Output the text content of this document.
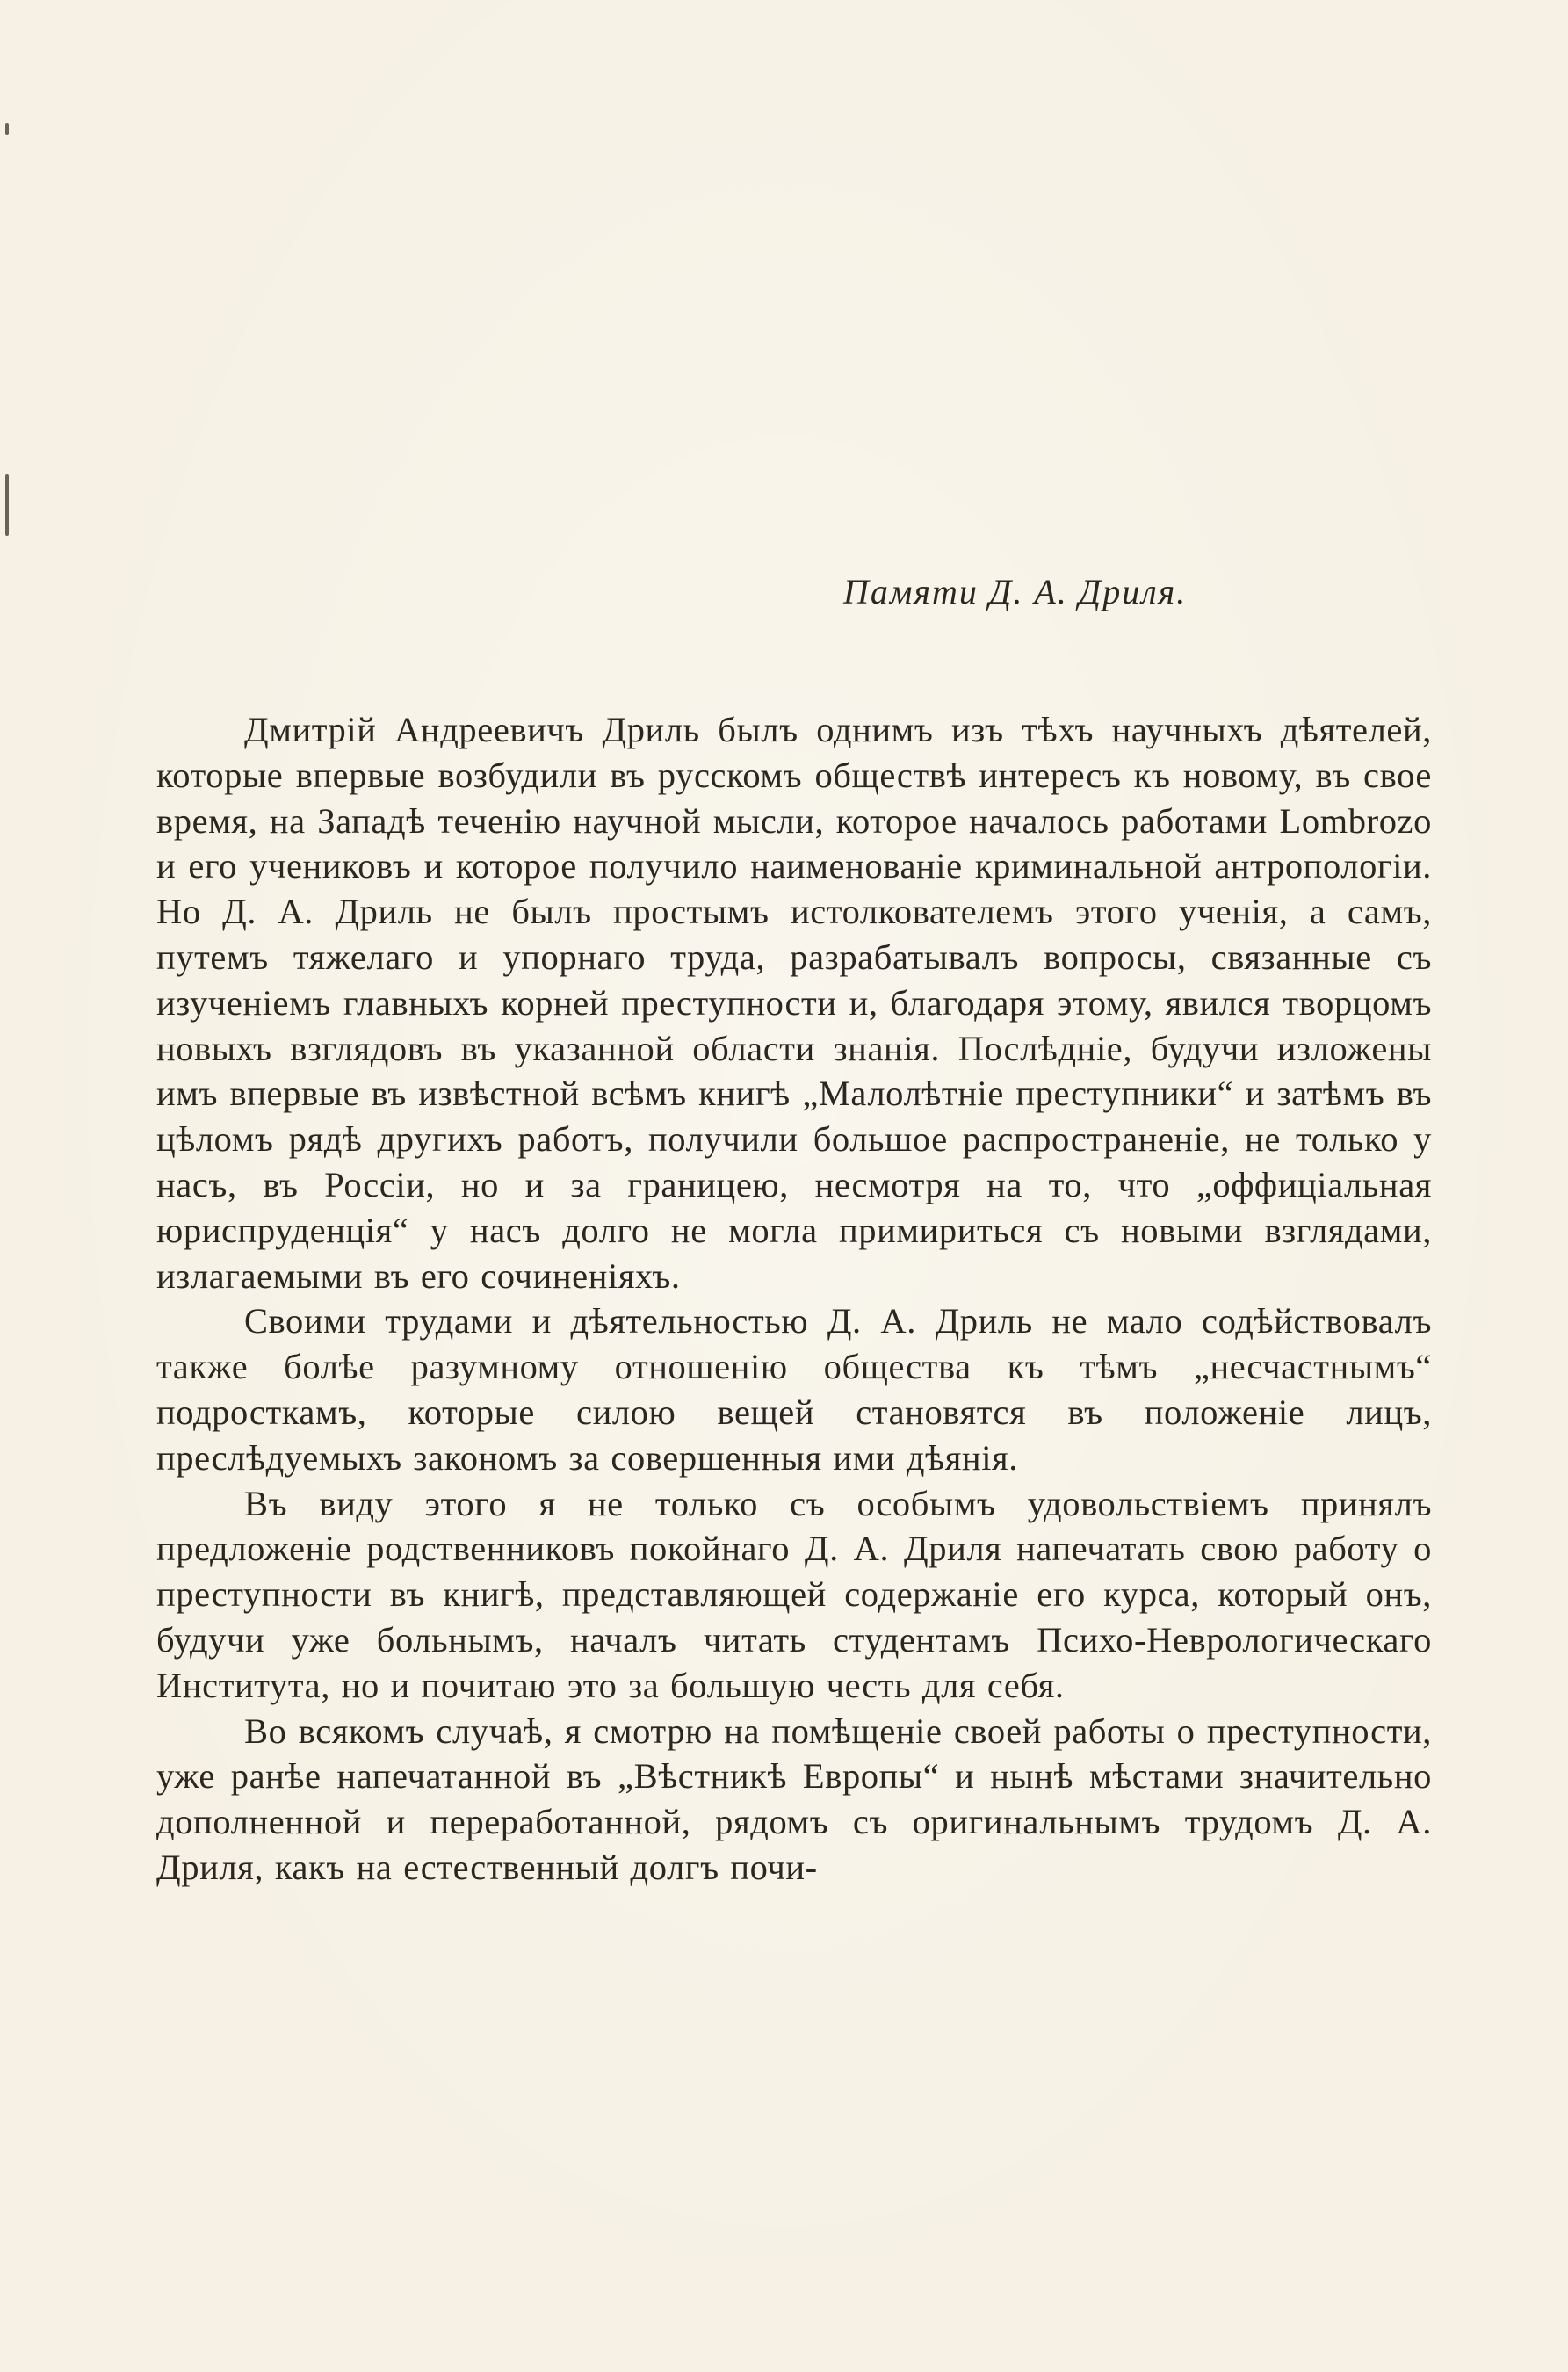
Памяти Д. А. Дриля.

Дмитрій Андреевичъ Дриль былъ однимъ изъ тѣхъ научныхъ дѣятелей, которые впервые возбудили въ русскомъ обществѣ интересъ къ новому, въ свое время, на Западѣ теченію научной мысли, которое началось работами Lombrozo и его учениковъ и которое получило наименованіе криминальной антропологіи. Но Д. А. Дриль не былъ простымъ истолкователемъ этого ученія, а самъ, путемъ тяжелаго и упорнаго труда, разрабатывалъ вопросы, связанные съ изученіемъ главныхъ корней преступности и, благодаря этому, явился творцомъ новыхъ взглядовъ въ указанной области знанія. Послѣдніе, будучи изложены имъ впервые въ извѣстной всѣмъ книгѣ „Малолѣтніе преступники“ и затѣмъ въ цѣломъ рядѣ другихъ работъ, получили большое распространеніе, не только у насъ, въ Россіи, но и за границею, несмотря на то, что „оффиціальная юриспруденція“ у насъ долго не могла примириться съ новыми взглядами, излагаемыми въ его сочиненіяхъ.

Своими трудами и дѣятельностью Д. А. Дриль не мало содѣйствовалъ также болѣе разумному отношенію общества къ тѣмъ „несчастнымъ“ подросткамъ, которые силою вещей становятся въ положеніе лицъ, преслѣдуемыхъ закономъ за совершенныя ими дѣянія.

Въ виду этого я не только съ особымъ удовольствіемъ принялъ предложеніе родственниковъ покойнаго Д. А. Дриля напечатать свою работу о преступности въ книгѣ, представляющей содержаніе его курса, который онъ, будучи уже больнымъ, началъ читать студентамъ Психо-Неврологическаго Института, но и почитаю это за большую честь для себя.

Во всякомъ случаѣ, я смотрю на помѣщеніе своей работы о преступности, уже ранѣе напечатанной въ „Вѣстникѣ Европы“ и нынѣ мѣстами значительно дополненной и переработанной, рядомъ съ оригинальнымъ трудомъ Д. А. Дриля, какъ на естественный долгъ почи-
